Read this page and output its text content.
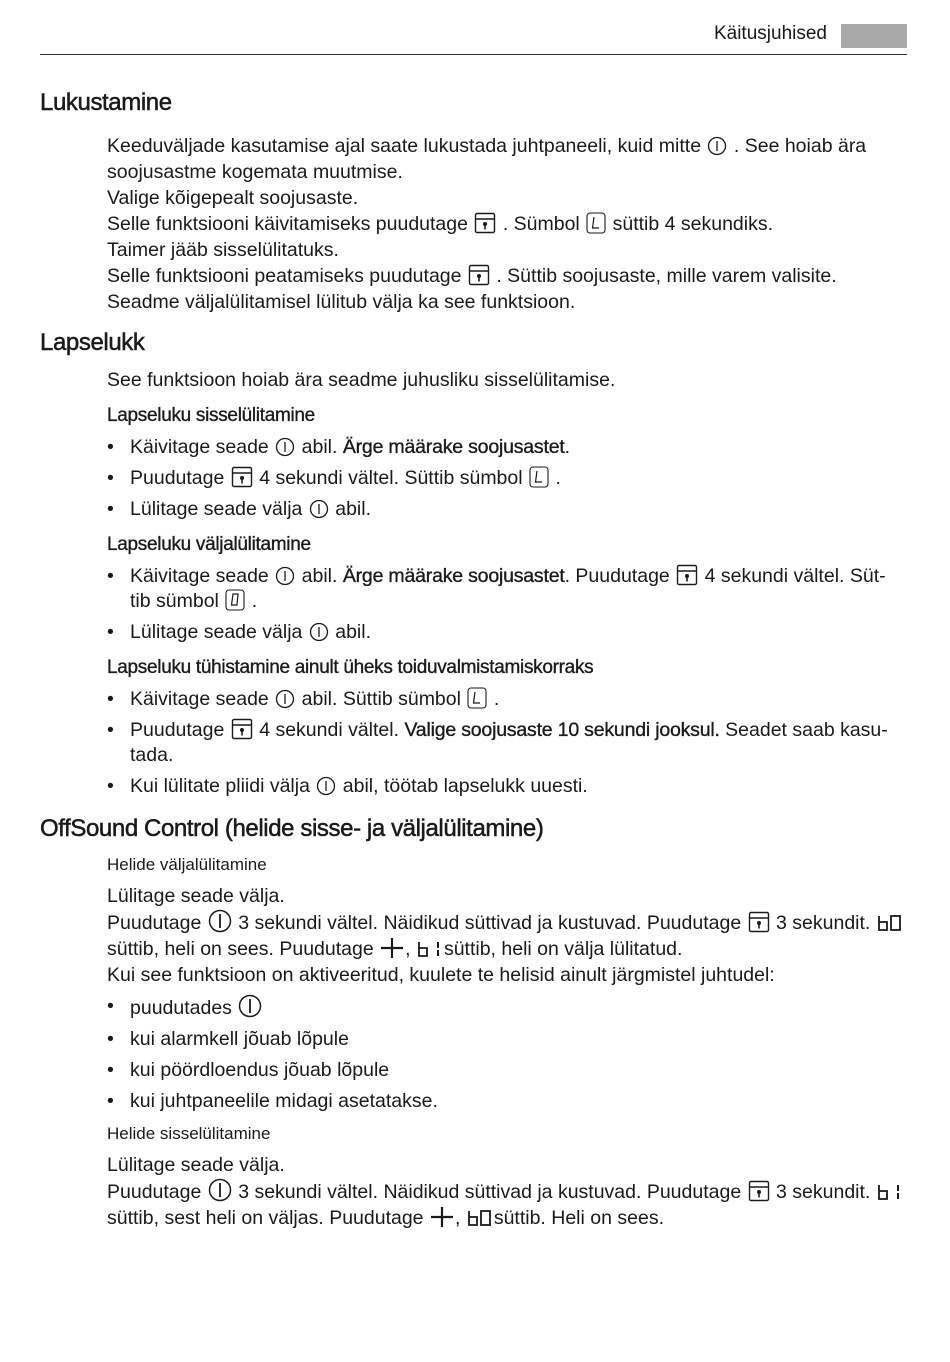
Käitusjuhised
Lukustamine
Keeduväljade kasutamise ajal saate lukustada juhtpaneeli, kuid mitte . See hoiab ära soojusastme kogemata muutmise.
Valige kõigepealt soojusaste.
Selle funktsiooni käivitamiseks puudutage . Sümbol süttib 4 sekundiks.
Taimer jääb sisselülitatuks.
Selle funktsiooni peatamiseks puudutage . Süttib soojusaste, mille varem valisite.
Seadme väljalülitamisel lülitub välja ka see funktsioon.
Lapselukk
See funktsioon hoiab ära seadme juhusliku sisselülitamise.
Lapseluku sisselülitamine
• Käivitage seade abil. Ärge määrake soojusastet.
• Puudutage 4 sekundi vältel. Süttib sümbol .
• Lülitage seade välja abil.
Lapseluku väljalülitamine
• Käivitage seade abil. Ärge määrake soojusastet. Puudutage 4 sekundi vältel. Süt-tib sümbol .
• Lülitage seade välja abil.
Lapseluku tühistamine ainult üheks toiduvalmistamiskorraks
• Käivitage seade abil. Süttib sümbol .
• Puudutage 4 sekundi vältel. Valige soojusaste 10 sekundi jooksul. Seadet saab kasu-tada.
• Kui lülitate pliidi välja abil, töötab lapselukk uuesti.
OffSound Control (helide sisse- ja väljalülitamine)
Helide väljalülitamine
Lülitage seade välja.
Puudutage 3 sekundi vältel. Näidikud süttivad ja kustuvad. Puudutage 3 sekundit.

süttib, heli on sees. Puudutage , süttib, heli on välja lülitatud.
Kui see funktsioon on aktiveeritud, kuulete te helisid ainult järgmistel juhtudel:
• puudutades
• kui alarmkell jõuab lõpule
• kui pöördloendus jõuab lõpule
• kui juhtpaneelile midagi asetatakse.
Helide sisselülitamine
Lülitage seade välja.
Puudutage 3 sekundi vältel. Näidikud süttivad ja kustuvad. Puudutage 3 sekundit.

süttib, sest heli on väljas. Puudutage , süttib. Heli on sees.
